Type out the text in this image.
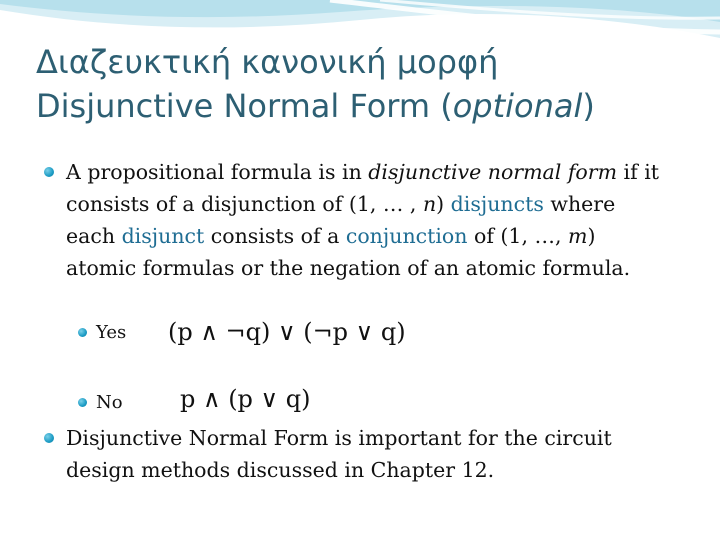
Διαζευκτική κανονική μορφή
Disjunctive Normal Form (optional)
A propositional formula is in disjunctive normal form if it consists of a disjunction of (1, … , n) disjuncts where each disjunct consists of a conjunction of (1, …, m) atomic formulas or the negation of an atomic formula.
Yes (p ∧ ¬q) ∨ (¬p ∨ q)
No p ∧ (p ∨ q)
Disjunctive Normal Form is important for the circuit design methods discussed in Chapter 12.
